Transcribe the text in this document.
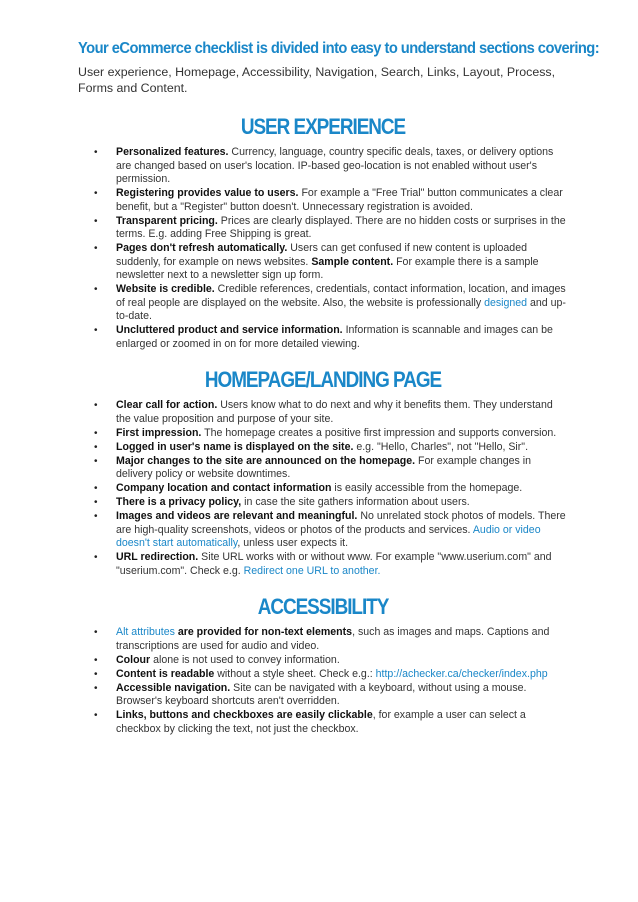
Your eCommerce checklist is divided into easy to understand sections covering:

User experience, Homepage, Accessibility, Navigation, Search, Links, Layout, Process, Forms and Content.

USER EXPERIENCE
• Personalized features. Currency, language, country specific deals, taxes, or delivery options are changed based on user's location. IP-based geo-location is not enabled without user's permission.
• Registering provides value to users. For example a "Free Trial" button communicates a clear benefit, but a "Register" button doesn't. Unnecessary registration is avoided.
• Transparent pricing. Prices are clearly displayed. There are no hidden costs or surprises in the terms. E.g. adding Free Shipping is great.
• Pages don't refresh automatically. Users can get confused if new content is uploaded suddenly, for example on news websites. Sample content. For example there is a sample newsletter next to a newsletter sign up form.
• Website is credible. Credible references, credentials, contact information, location, and images of real people are displayed on the website. Also, the website is professionally designed and up-to-date.
• Uncluttered product and service information. Information is scannable and images can be enlarged or zoomed in on for more detailed viewing.
HOMEPAGE/LANDING PAGE
• Clear call for action. Users know what to do next and why it benefits them. They understand the value proposition and purpose of your site.
• First impression. The homepage creates a positive first impression and supports conversion.
• Logged in user's name is displayed on the site. e.g. "Hello, Charles", not "Hello, Sir".
• Major changes to the site are announced on the homepage. For example changes in delivery policy or website downtimes.
• Company location and contact information is easily accessible from the homepage.
• There is a privacy policy, in case the site gathers information about users.
• Images and videos are relevant and meaningful. No unrelated stock photos of models. There are high-quality screenshots, videos or photos of the products and services. Audio or video doesn't start automatically, unless user expects it.
• URL redirection. Site URL works with or without www. For example "www.userium.com" and "userium.com". Check e.g. Redirect one URL to another.
ACCESSIBILITY
• Alt attributes are provided for non-text elements, such as images and maps. Captions and transcriptions are used for audio and video.
• Colour alone is not used to convey information.
• Content is readable without a style sheet. Check e.g.: http://achecker.ca/checker/index.php
• Accessible navigation. Site can be navigated with a keyboard, without using a mouse. Browser's keyboard shortcuts aren't overridden.
• Links, buttons and checkboxes are easily clickable, for example a user can select a checkbox by clicking the text, not just the checkbox.
